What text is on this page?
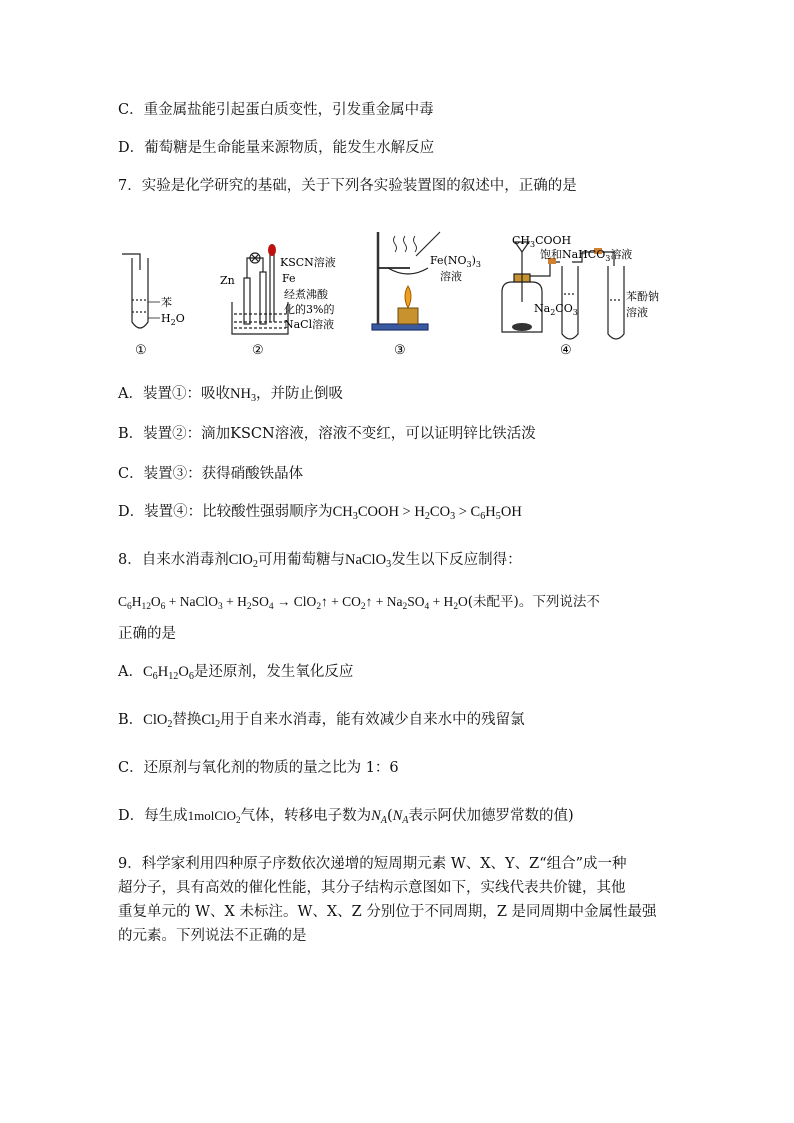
C．重金属盐能引起蛋白质变性，引发重金属中毒
D．葡萄糖是生命能量来源物质，能发生水解反应
7．实验是化学研究的基础，关于下列各实验装置图的叙述中，正确的是
苯
$H_2O$
①
Zn
KSCN溶液
Fe
经煮沸酸
化的3%的
NaCl溶液
②
$Fe(NO_3)_3$
溶液
③
$CH_3COOH$
饱和NaHCO$_3$溶液
$Na_2CO_3$
苯酚钠
溶液
④
A．装置①：吸收$NH_3$，并防止倒吸
B．装置②：滴加KSCN溶液，溶液不变红，可以证明锌比铁活泼
C．装置③：获得硝酸铁晶体
D．装置④：比较酸性强弱顺序为$CH_3COOH > H_2CO_3 > C_6H_5OH$
8．自来水消毒剂ClO$_2$可用葡萄糖与NaClO$_3$发生以下反应制得：
$C_6H_{12}O_6$ + NaClO$_3$ + $H_2SO_4$ → ClO$_2$↑ + $CO_2↑ + Na_2SO_4 + H_2O$(未配平)。下列说法不
正确的是
A．$C_6H_{12}O_6$是还原剂，发生氧化反应
B．ClO$_2$替换$Cl_2$用于自来水消毒，能有效减少自来水中的残留氯
C．还原剂与氧化剂的物质的量之比为 1：6
D．每生成1molClO$_2$气体，转移电子数为$N_A(N_A$表示阿伏加德罗常数的值)
9．科学家利用四种原子序数依次递增的短周期元素 W、X、Y、Z“组合”成一种
超分子，具有高效的催化性能，其分子结构示意图如下，实线代表共价键，其他
重复单元的 W、X 未标注。W、X、Z 分别位于不同周期，Z 是同周期中金属性最强
的元素。下列说法不正确的是
